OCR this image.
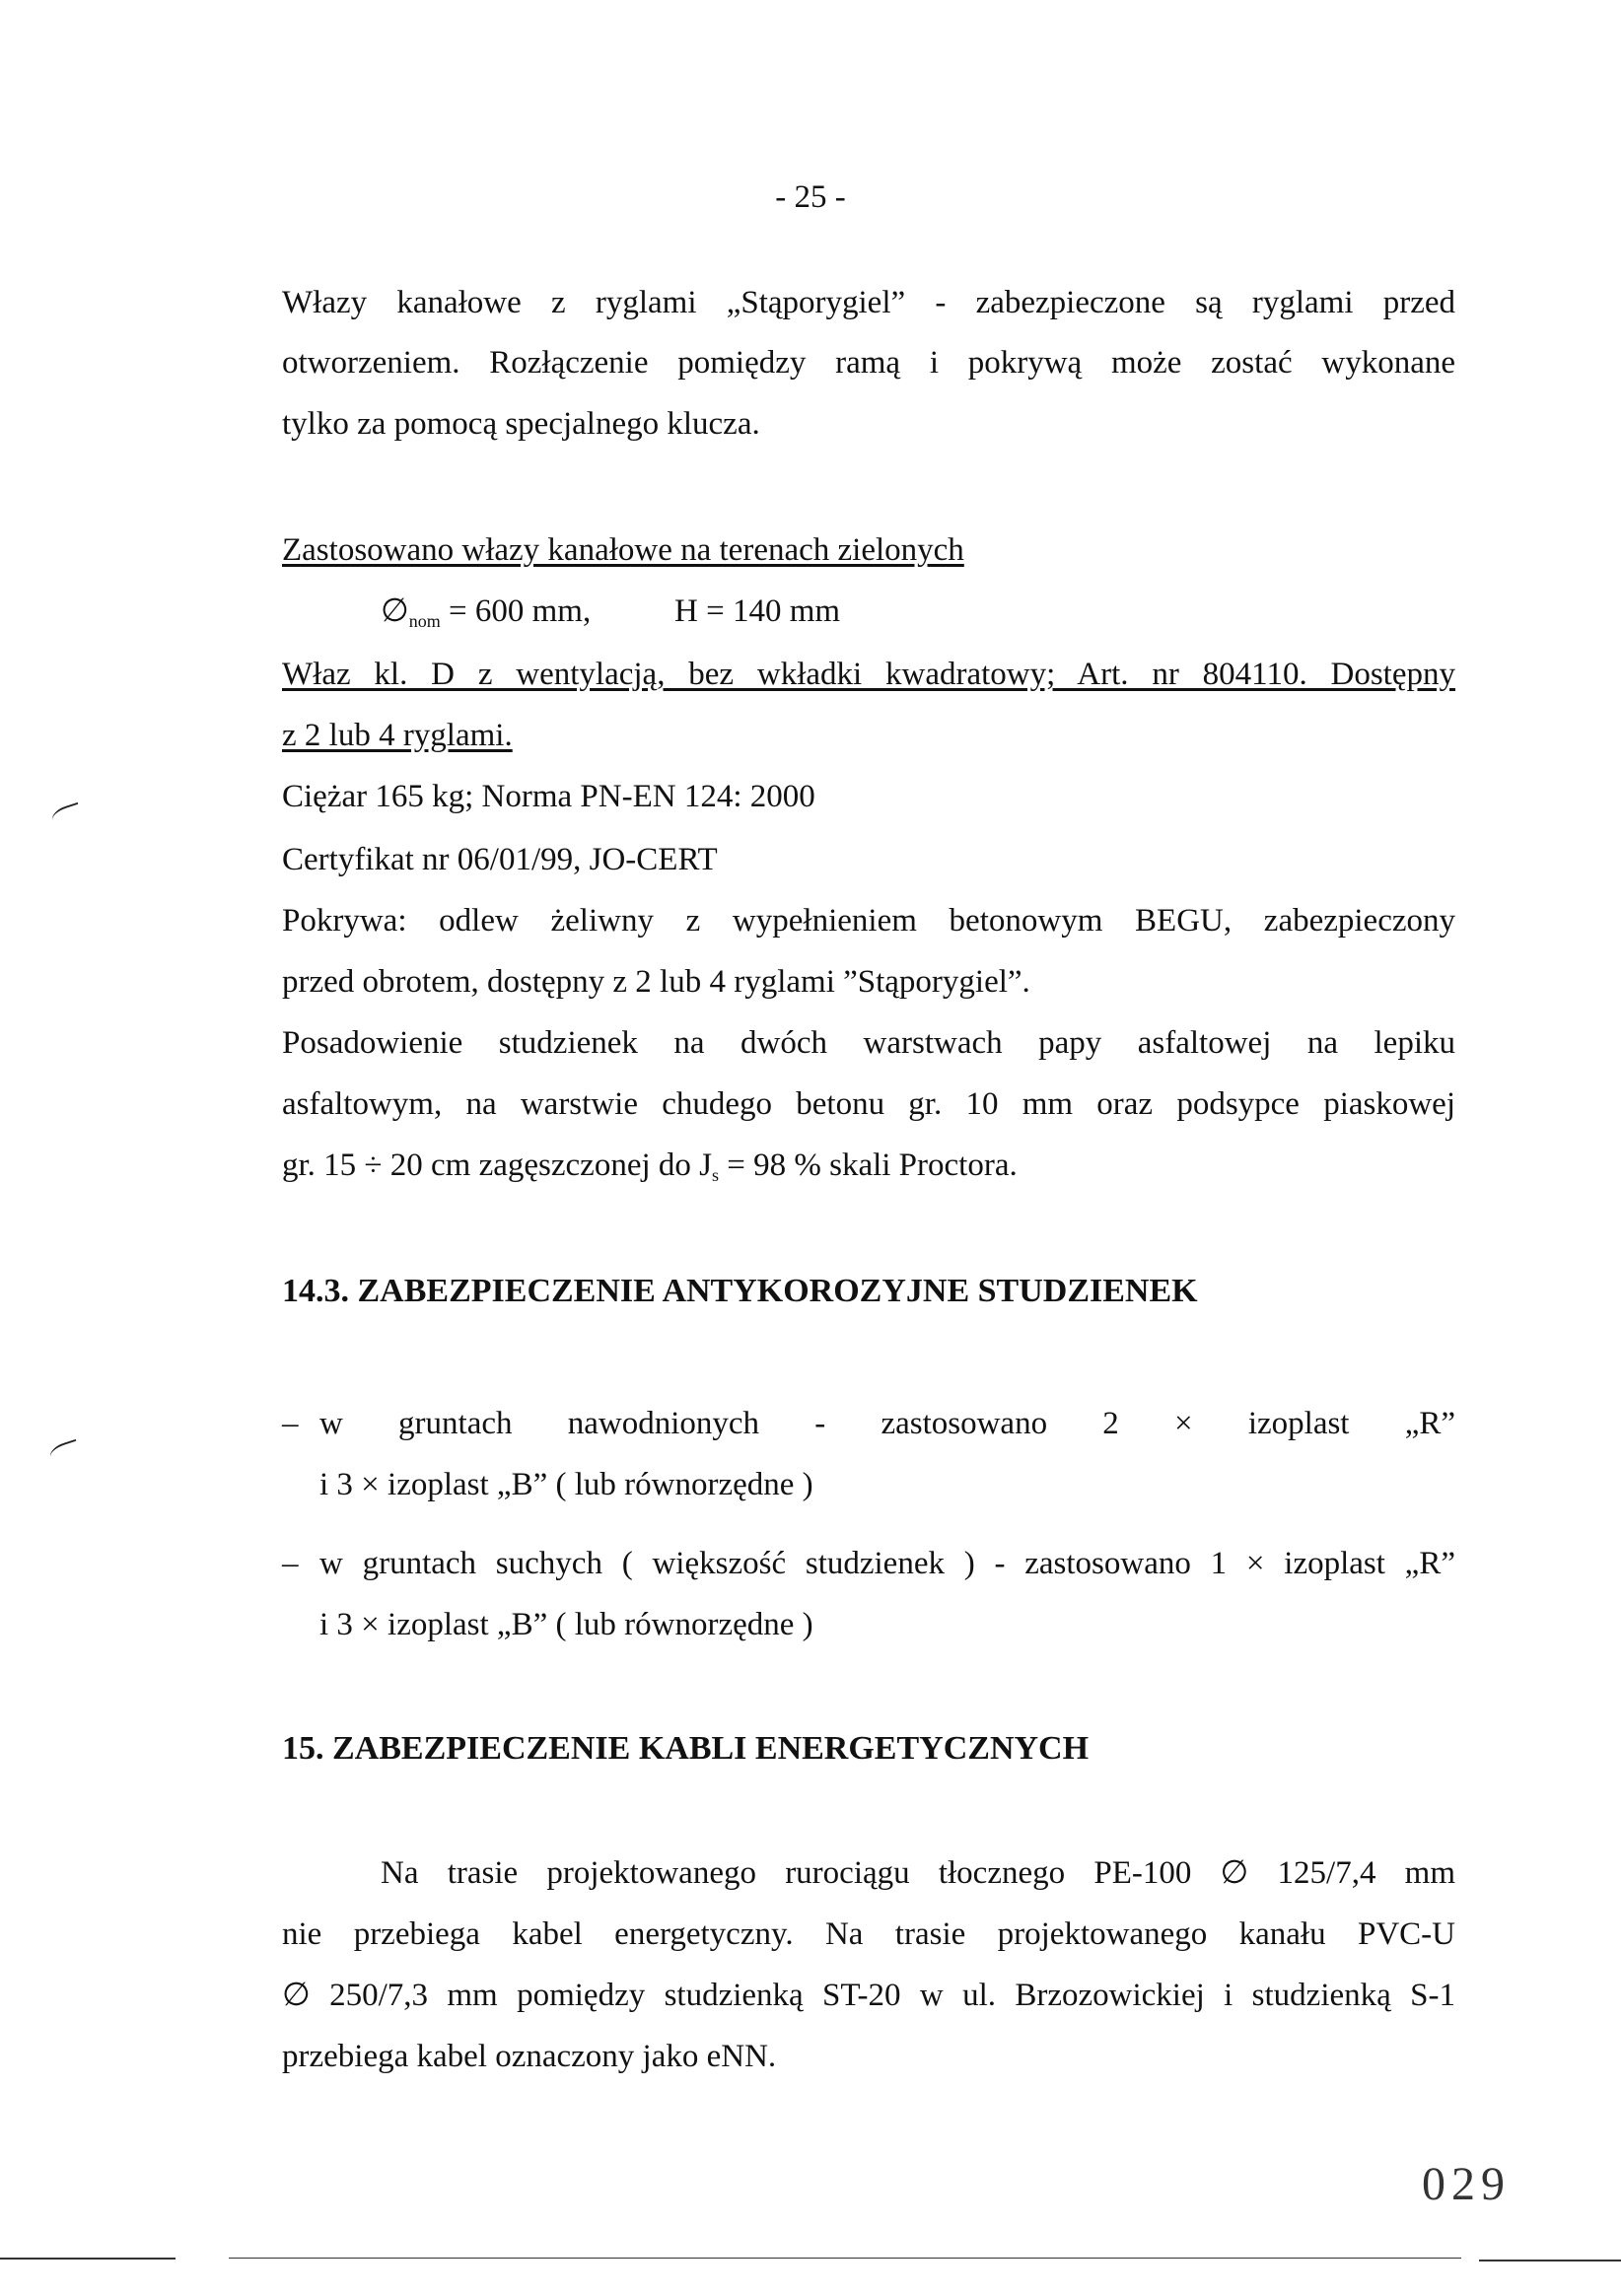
- 25 -
Włazy kanałowe z ryglami „Stąporygiel” - zabezpieczone są ryglami przed
otworzeniem. Rozłączenie pomiędzy ramą i pokrywą może zostać wykonane
tylko za pomocą specjalnego klucza.
Zastosowano włazy kanałowe na terenach zielonych
$\emptyset_{nom} = 600$ mm,	H = 140 mm
Właz kl. D z wentylacją, bez wkładki kwadratowy; Art. nr 804110. Dostępny
z 2 lub 4 ryglami.
Ciężar 165 kg; Norma PN-EN 124: 2000
Certyfikat nr 06/01/99, JO-CERT
Pokrywa: odlew żeliwny z wypełnieniem betonowym BEGU, zabezpieczony
przed obrotem, dostępny z 2 lub 4 ryglami ”Stąporygiel”.
Posadowienie studzienek na dwóch warstwach papy asfaltowej na lepiku
asfaltowym, na warstwie chudego betonu gr. 10 mm oraz podsypce piaskowej
gr. 15 ÷ 20 cm zagęszczonej do $J_s = 98$ % skali Proctora.
14.3. ZABEZPIECZENIE ANTYKOROZYJNE STUDZIENEK
– w gruntach nawodnionych - zastosowano 2 × izoplast „R”
i 3 × izoplast „B” ( lub równorzędne )
– w gruntach suchych ( większość studzienek ) - zastosowano 1 × izoplast „R”
i 3 × izoplast „B” ( lub równorzędne )
15. ZABEZPIECZENIE KABLI ENERGETYCZNYCH
Na trasie projektowanego rurociągu tłocznego PE-100 ∅ 125/7,4 mm
nie przebiega kabel energetyczny. Na trasie projektowanego kanału PVC-U
∅ 250/7,3 mm pomiędzy studzienką ST-20 w ul. Brzozowickiej i studzienką S-1
przebiega kabel oznaczony jako eNN.
029
